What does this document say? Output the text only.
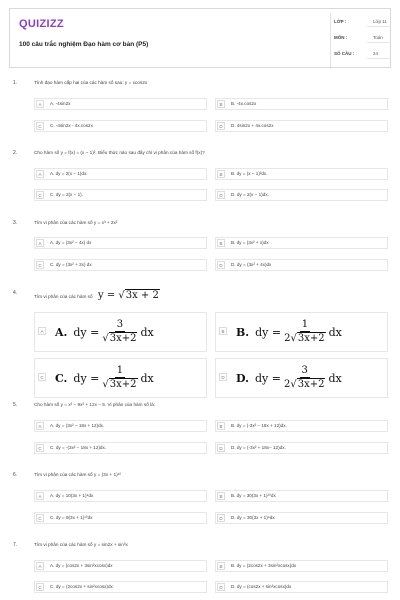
QUIZIZZ
100 câu trắc nghiệm Đạo hàm cơ bản (P5)
LỚP :	Lớp 11
MÔN :	Toán
SỐ CÂU :	24
1.	Tính đạo hàm cấp hai của các hàm số sau: y = xcos2x
A	A. -4sin2x	B	B. -4x.cos2x
C	C. -4sin2x - 4x.cos2x	D	D. 4sin2x + 4x.cos2x
2.	Cho hàm số y = f(x) = (x − 1)². Biểu thức nào sau đây chỉ vi phân của hàm số f(x)?
A	A. dy = 2(x − 1)dx.	B	B. dy = (x − 1)²dx.
C	C. dy = 2(x − 1).	D	D. dy = 2(x − 1)dx.
3.	Tìm vi phân của các hàm số y = x³ + 2x²
A	A. dy = (3x² − 4x) dx	B	B. dy = (3x² + x)dx
C	C. dy = (3x² + 2x) dx	D	D. dy = (3x² + 4x)dx
4.
Tìm vi phân của các hàm số y = √3x + 2
A A. dy = $\frac{3}{√3x+2}$ dx	B B. dy = $\frac{1}{2√3x+2}$ dx
C C. dy = $\frac{1}{√3x+2}$ dx	D D. dy = $\frac{3}{2√3x+2}$ dx
5.	Cho hàm số y = x³ − 9x² + 12x − 5. Vi phân của hàm số là:
A	A. dy = (3x² − 18x + 12)dx.	B	B. dy = (-3x² − 18x + 12)dx.
C	C. dy = -(3x² − 18x + 12)dx.	D	D. dy = (-3x² + 18x− 12)dx.
6.	Tìm vi phân của các hàm số y = (3x + 1)¹⁰
A	A. dy = 10(3x + 1)⁹dx	B	B. dy = 30(3x + 1)¹⁰dx
C	C. dy = 9(3x + 1)¹⁰dx	D	D. dy = 30(3x + 1)⁹dx
7.	Tìm vi phân của các hàm số y = sin2x + sin³x
A	A. dy = (cos2x + 3sin²xcosx)dx	B	B. dy = (2cos2x + 3sin²xcosx)dx
C	C. dy = (2cos2x + sin²xcosx)dx	D	D. dy = (cos2x + sin²xcosx)dx
